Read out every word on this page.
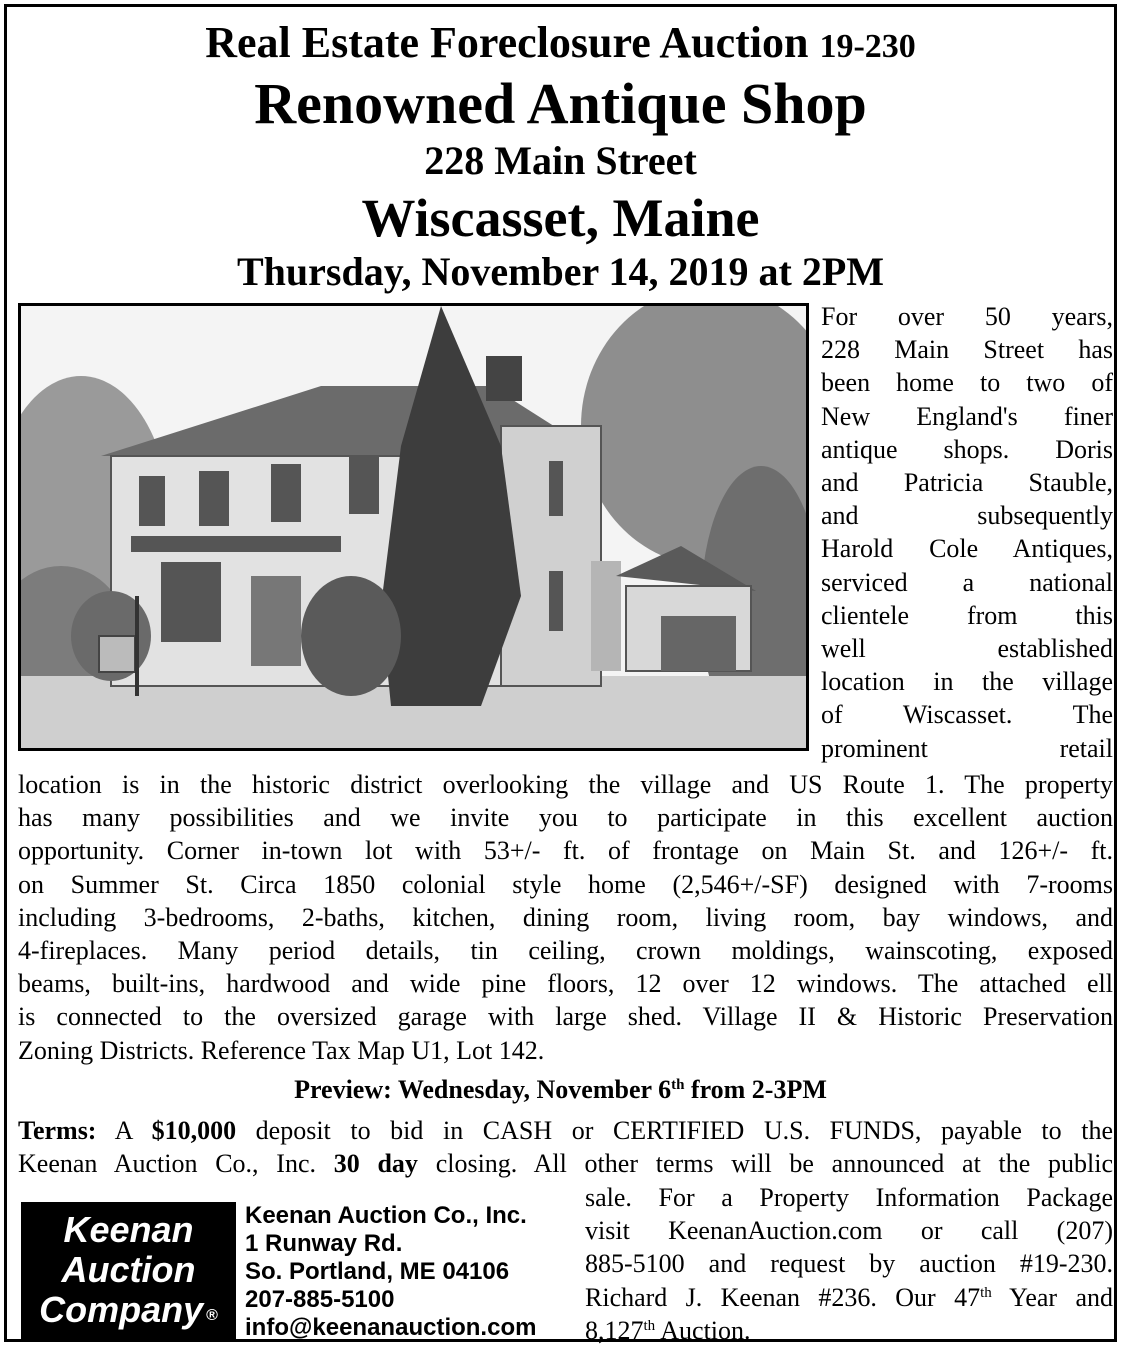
Real Estate Foreclosure Auction 19-230
Renowned Antique Shop
228 Main Street
Wiscasset, Maine
Thursday, November 14, 2019 at 2PM
For over 50 years,
228 Main Street has
been home to two of
New England's finer
antique shops. Doris
and Patricia Stauble,
and subsequently
Harold Cole Antiques,
serviced a national
clientele from this
well established
location in the village
of Wiscasset. The
prominent retail
location is in the historic district overlooking the village and US Route 1. The property
has many possibilities and we invite you to participate in this excellent auction
opportunity. Corner in-town lot with 53+/- ft. of frontage on Main St. and 126+/- ft.
on Summer St. Circa 1850 colonial style home (2,546+/-SF) designed with 7-rooms
including 3-bedrooms, 2-baths, kitchen, dining room, living room, bay windows, and
4-fireplaces. Many period details, tin ceiling, crown moldings, wainscoting, exposed
beams, built-ins, hardwood and wide pine floors, 12 over 12 windows. The attached ell
is connected to the oversized garage with large shed. Village II & Historic Preservation
Zoning Districts. Reference Tax Map U1, Lot 142.
Preview: Wednesday, November 6th from 2-3PM
Terms: A $10,000 deposit to bid in CASH or CERTIFIED U.S. FUNDS, payable to the
Keenan Auction Co., Inc. 30 day closing. All other terms will be announced at the public
sale. For a Property Information Package
visit KeenanAuction.com or call (207)
885-5100 and request by auction #19-230.
Richard J. Keenan #236. Our 47th Year and
8,127th Auction.
Keenan
Auction
Company ®
Keenan Auction Co., Inc.
1 Runway Rd.
So. Portland, ME 04106
207-885-5100
info@keenanauction.com
